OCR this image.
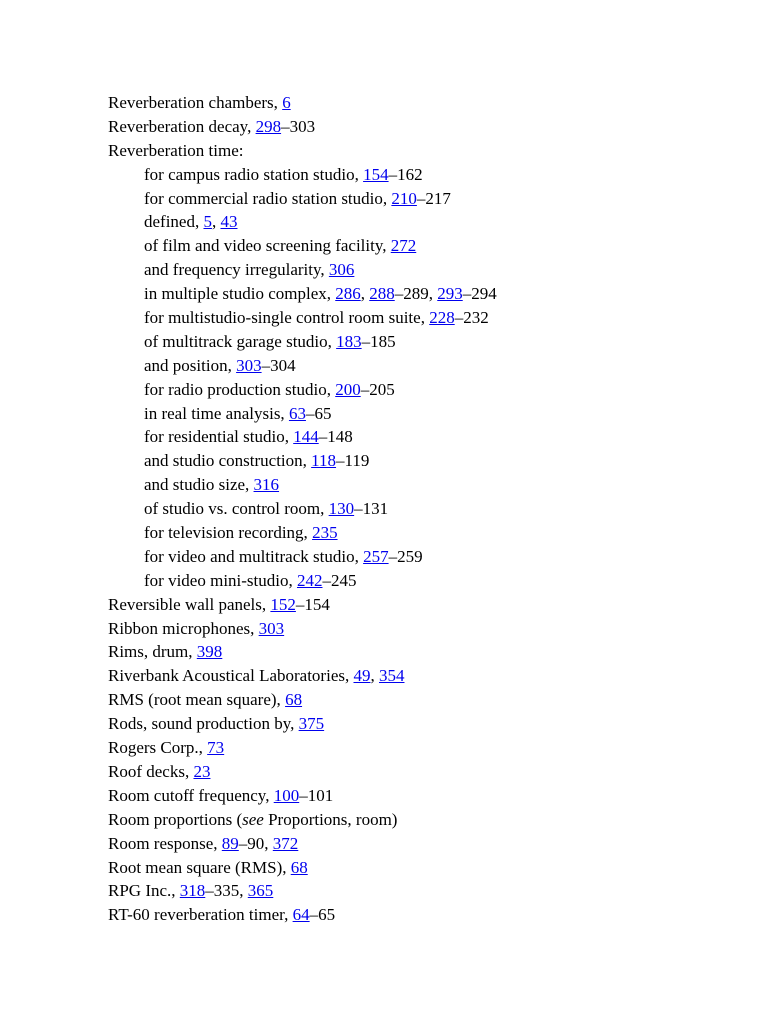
Reverberation chambers, 6
Reverberation decay, 298–303
Reverberation time:
for campus radio station studio, 154–162
for commercial radio station studio, 210–217
defined, 5, 43
of film and video screening facility, 272
and frequency irregularity, 306
in multiple studio complex, 286, 288–289, 293–294
for multistudio-single control room suite, 228–232
of multitrack garage studio, 183–185
and position, 303–304
for radio production studio, 200–205
in real time analysis, 63–65
for residential studio, 144–148
and studio construction, 118–119
and studio size, 316
of studio vs. control room, 130–131
for television recording, 235
for video and multitrack studio, 257–259
for video mini-studio, 242–245
Reversible wall panels, 152–154
Ribbon microphones, 303
Rims, drum, 398
Riverbank Acoustical Laboratories, 49, 354
RMS (root mean square), 68
Rods, sound production by, 375
Rogers Corp., 73
Roof decks, 23
Room cutoff frequency, 100–101
Room proportions (see Proportions, room)
Room response, 89–90, 372
Root mean square (RMS), 68
RPG Inc., 318–335, 365
RT-60 reverberation timer, 64–65
